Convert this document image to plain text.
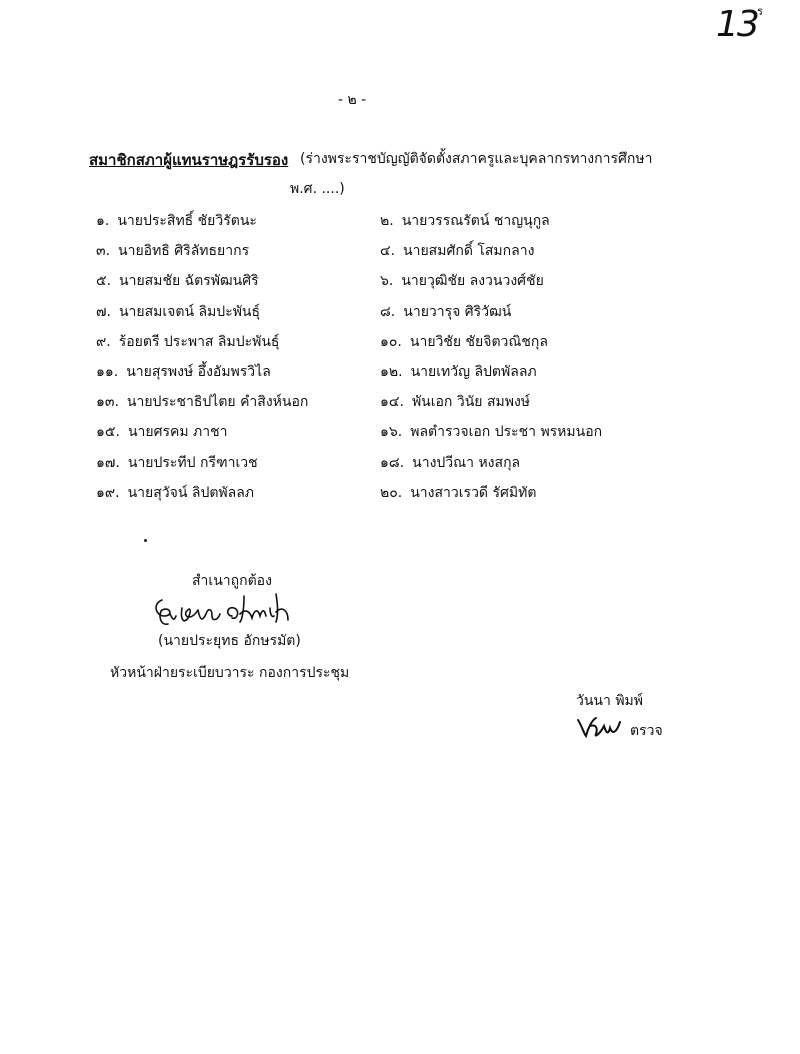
13 ร
- ๒ -
สมาชิกสภาผู้แทนราษฎรรับรอง (ร่างพระราชบัญญัติจัดตั้งสภาครูและบุคลากรทางการศึกษา
พ.ศ. ....)
๑. นายประสิทธิ์ ชัยวิรัตนะ	๒. นายวรรณรัตน์ ชาญนุกูล
๓. นายอิทธิ ศิริลัทธยากร	๔. นายสมศักดิ์ โสมกลาง
๕. นายสมชัย ฉัตรพัฒนศิริ	๖. นายวุฒิชัย ลงวนวงศ์ชัย
๗. นายสมเจตน์ ลิมปะพันธุ์	๘. นายวารุจ ศิริวัฒน์
๙. ร้อยตรี ประพาส ลิมปะพันธุ์	๑๐. นายวิชัย ชัยจิตวณิชกุล
๑๑. นายสุรพงษ์ อึ้งอัมพรวิไล	๑๒. นายเทวัญ ลิปตพัลลภ
๑๓. นายประชาธิปไตย คำสิงห์นอก	๑๔. พันเอก วินัย สมพงษ์
๑๕. นายศรคม ภาชา	๑๖. พลตำรวจเอก ประชา พรหมนอก
๑๗. นายประทีป กรีฑาเวช	๑๘. นางปวีณา หงสกุล
๑๙. นายสุวัจน์ ลิปตพัลลภ	๒๐. นางสาวเรวดี รัศมิทัต
สำเนาถูกต้อง
(นายประยุทธ อักษรมัต)
หัวหน้าฝ่ายระเบียบวาระ กองการประชุม
วันนา พิมพ์
ตรวจ
